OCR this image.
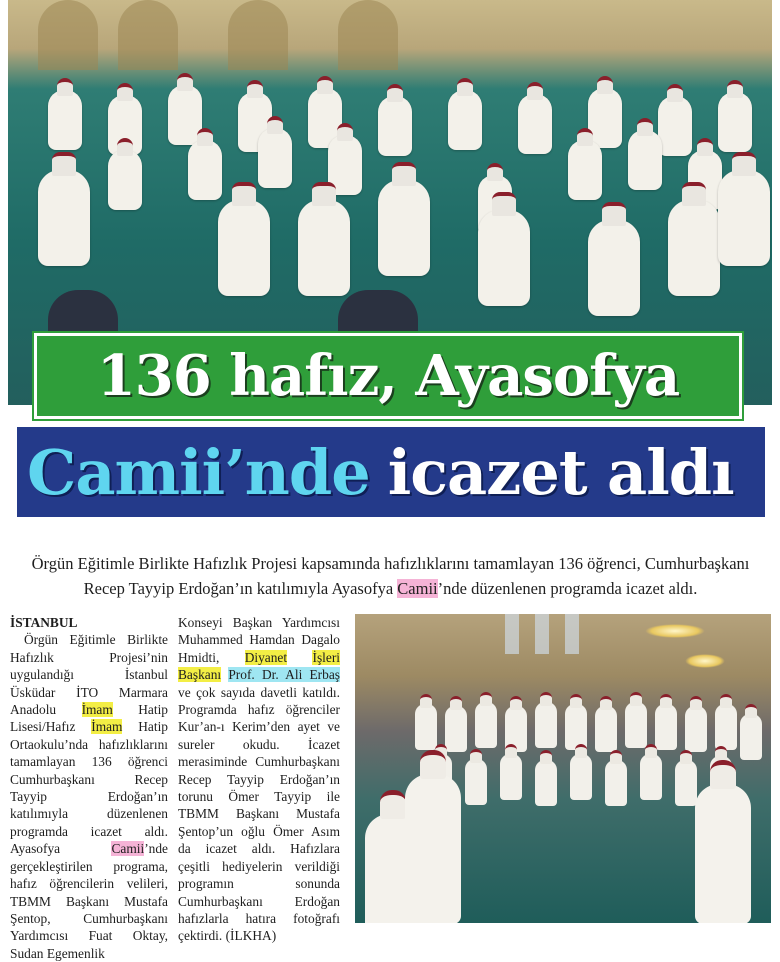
136 hafız, Ayasofya
Camii’nde icazet aldı
Örgün Eğitimle Birlikte Hafızlık Projesi kapsamında hafızlıklarını tamamlayan 136 öğrenci, Cumhurbaşkanı Recep Tayyip Erdoğan’ın katılımıyla Ayasofya Camii’nde düzenlenen programda icazet aldı.
İSTANBUL

Örgün Eğitimle Birlikte Hafızlık Projesi’nin uygulandığı İstanbul Üsküdar İTO Marmara Anadolu İmam Hatip Lisesi/Hafız İmam Hatip Ortaokulu’nda hafızlıklarını tamamlayan 136 öğrenci Cumhurbaşkanı Recep Tayyip Erdoğan’ın katılımıyla düzenlenen programda icazet aldı. Ayasofya Camii’nde gerçekleştirilen programa, hafız öğrencilerin velileri, TBMM Başkanı Mustafa Şentop, Cumhurbaşkanı Yardımcısı Fuat Oktay, Sudan Egemenlik

Konseyi Başkan Yardımcısı Muhammed Hamdan Dagalo Hmidti, Diyanet İşleri Başkanı Prof. Dr. Ali Erbaş ve çok sayıda davetli katıldı. Programda hafız öğrenciler Kur’an-ı Kerim’den ayet ve sureler okudu. İcazet merasiminde Cumhurbaşkanı Recep Tayyip Erdoğan’ın torunu Ömer Tayyip ile TBMM Başkanı Mustafa Şentop’un oğlu Ömer Asım da icazet aldı. Hafızlara çeşitli hediyelerin verildiği programın sonunda Cumhurbaşkanı Erdoğan hafızlarla hatıra fotoğrafı çektirdi. (İLKHA)
